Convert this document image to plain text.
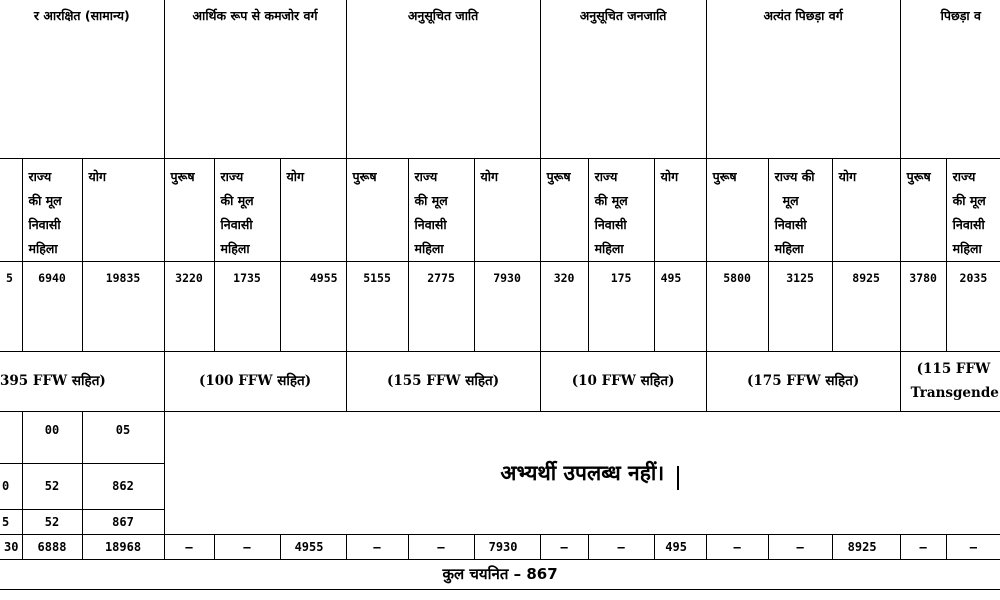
र आरक्षित (सामान्य)			आर्थिक रूप से कमजोर वर्ग			अनुसूचित जाति			अनुसूचित जनजाति			अत्यंत पिछड़ा वर्ग			पिछड़ा व	

	राज्य
की मूल
निवासी
महिला	योग	पुरूष	राज्य
की मूल
निवासी
महिला	योग	पुरूष	राज्य
की मूल
निवासी
महिला	योग	पुरूष	राज्य
की मूल
निवासी
महिला	योग	पुरूष	राज्य की
मूल
निवासी
महिला	योग	पुरूष	राज्य
की मूल
निवासी
महिला

5	6940	19835	3220	1735	4955	5155	2775	7930	320	175	495	5800	3125	8925	3780	2035

395 FFW सहित)			(100 FFW सहित)			(155 FFW सहित)			(10 FFW सहित)			(175 FFW सहित)			(115 FFW
Transgende	

	00	05	अभ्यर्थी उपलब्ध नहीं।													
0	52	862														
5	52	867														
30	6888	18968	–	–	4955	–	–	7930	–	–	495	–	–	8925	–	–
कुल चयनित – 867																
